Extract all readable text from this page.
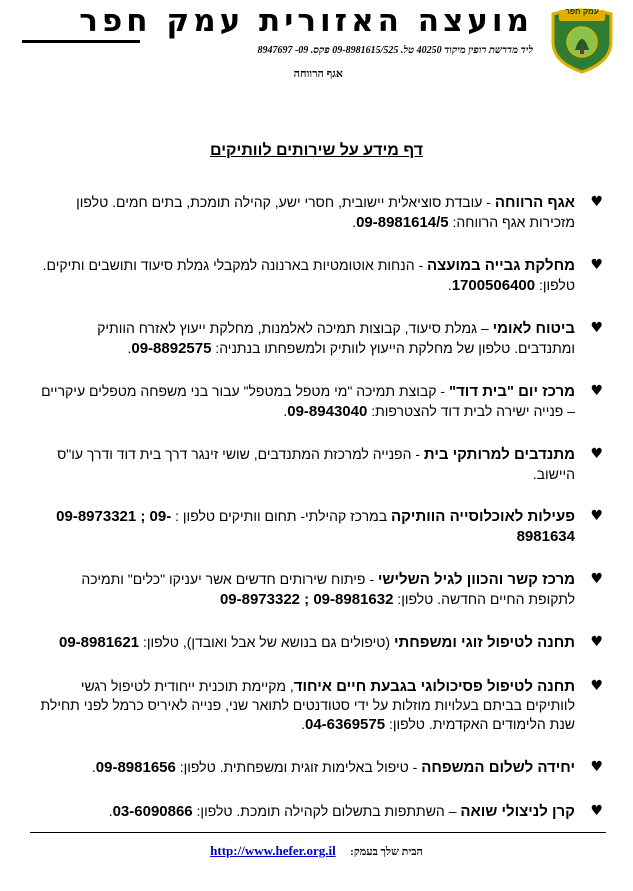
עמק חפר
מועצה האזורית עמק חפר
ליד מדרשת רופין מיקוד 40250 טל. 09-8981615/525 פקס. 09- 8947697
אגף הרווחה
דף מידע על שירותים לוותיקים
♥
אגף הרווחה - עובדת סוציאלית יישובית, חסרי ישע, קהילה תומכת, בתים חמים. טלפון מזכירות אגף הרווחה: 09-8981614/5.
♥
מחלקת גבייה במועצה - הנחות אוטומטיות בארנונה למקבלי גמלת סיעוד ותושבים ותיקים. טלפון: 1700506400.
♥
ביטוח לאומי – גמלת סיעוד, קבוצות תמיכה לאלמנות, מחלקת ייעוץ לאזרח הוותיק ומתנדבים. טלפון של מחלקת הייעוץ לוותיק ולמשפחתו בנתניה: 09-8892575.
♥
מרכז יום "בית דוד" - קבוצת תמיכה "מי מטפל במטפל" עבור בני משפחה מטפלים עיקריים – פנייה ישירה לבית דוד להצטרפות: 09-8943040.
♥
מתנדבים למרותקי בית - הפנייה למרכזת המתנדבים, שושי זינגר דרך בית דוד ודרך עו"ס היישוב.
♥
פעילות לאוכלוסייה הוותיקה במרכז קהילתי- תחום וותיקים טלפון : 09-8973321 ; 09-8981634
♥
מרכז קשר והכוון לגיל השלישי - פיתוח שירותים חדשים אשר יעניקו "כלים" ותמיכה לתקופת החיים החדשה. טלפון: 09-8973322 ; 09-8981632
♥
תחנה לטיפול זוגי ומשפחתי (טיפולים גם בנושא של אבל ואובדן), טלפון: 09-8981621
♥
תחנה לטיפול פסיכולוגי בגבעת חיים איחוד, מקיימת תוכנית ייחודית לטיפול רגשי לוותיקים בביתם בעלויות מוזלות על ידי סטודנטים לתואר שני, פנייה לאיריס כרמל לפני תחילת שנת הלימודים האקדמית. טלפון: 04-6369575.
♥
יחידה לשלום המשפחה - טיפול באלימות זוגית ומשפחתית. טלפון: 09-8981656.
♥
קרן לניצולי שואה – השתתפות בתשלום לקהילה תומכת. טלפון: 03-6090866.
הבית שלך בעמק: http://www.hefer.org.il
